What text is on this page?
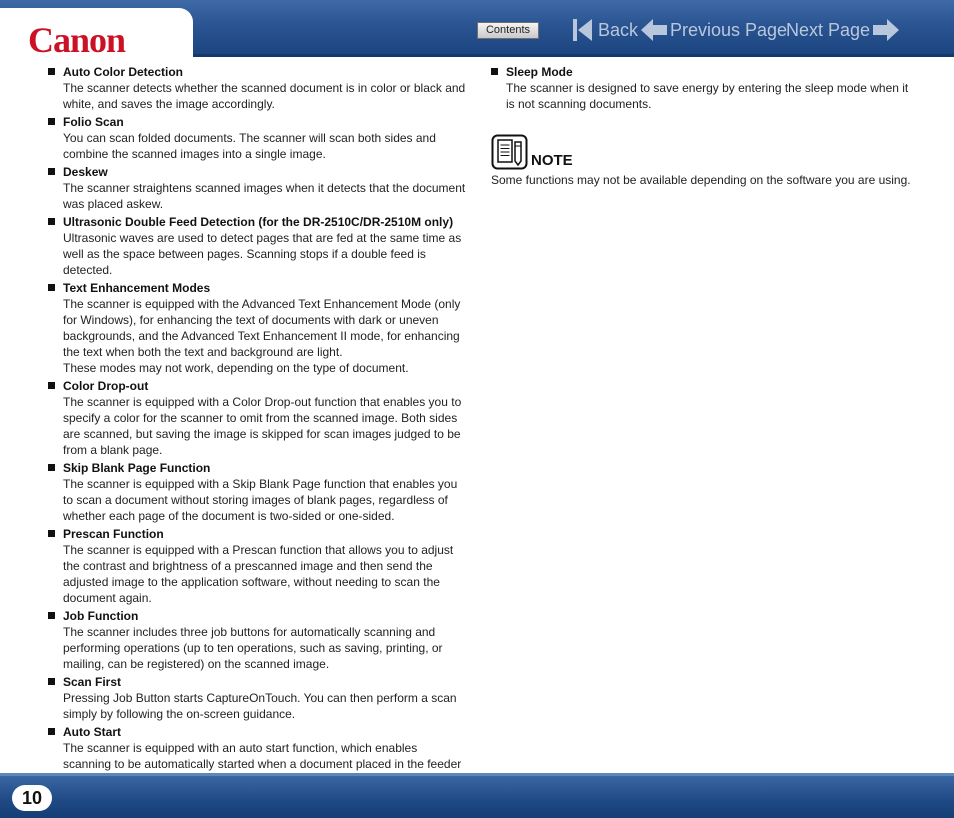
Canon	Contents	Back Previous Page
Next Page
Auto Color Detection
The scanner detects whether the scanned document is in color or black and white, and saves the image accordingly.
Folio Scan
You can scan folded documents. The scanner will scan both sides and combine the scanned images into a single image.
Deskew
The scanner straightens scanned images when it detects that the document was placed askew.
Ultrasonic Double Feed Detection (for the DR-2510C/DR-2510M only)
Ultrasonic waves are used to detect pages that are fed at the same time as well as the space between pages. Scanning stops if a double feed is detected.
Text Enhancement Modes
The scanner is equipped with the Advanced Text Enhancement Mode (only for Windows), for enhancing the text of documents with dark or uneven backgrounds, and the Advanced Text Enhancement II mode, for enhancing the text when both the text and background are light.
These modes may not work, depending on the type of document.
Color Drop-out
The scanner is equipped with a Color Drop-out function that enables you to specify a color for the scanner to omit from the scanned image. Both sides are scanned, but saving the image is skipped for scan images judged to be from a blank page.
Skip Blank Page Function
The scanner is equipped with a Skip Blank Page function that enables you to scan a document without storing images of blank pages, regardless of whether each page of the document is two-sided or one-sided.
Prescan Function
The scanner is equipped with a Prescan function that allows you to adjust the contrast and brightness of a prescanned image and then send the adjusted image to the application software, without needing to scan the document again.
Job Function
The scanner includes three job buttons for automatically scanning and performing operations (up to ten operations, such as saving, printing, or mailing, can be registered) on the scanned image.
Scan First
Pressing Job Button starts CaptureOnTouch. You can then perform a scan simply by following the on-screen guidance.
Auto Start
The scanner is equipped with an auto start function, which enables scanning to be automatically started when a document placed in the feeder
Sleep Mode
The scanner is designed to save energy by entering the sleep mode when it is not scanning documents.
NOTE
Some functions may not be available depending on the software you are using.
10
